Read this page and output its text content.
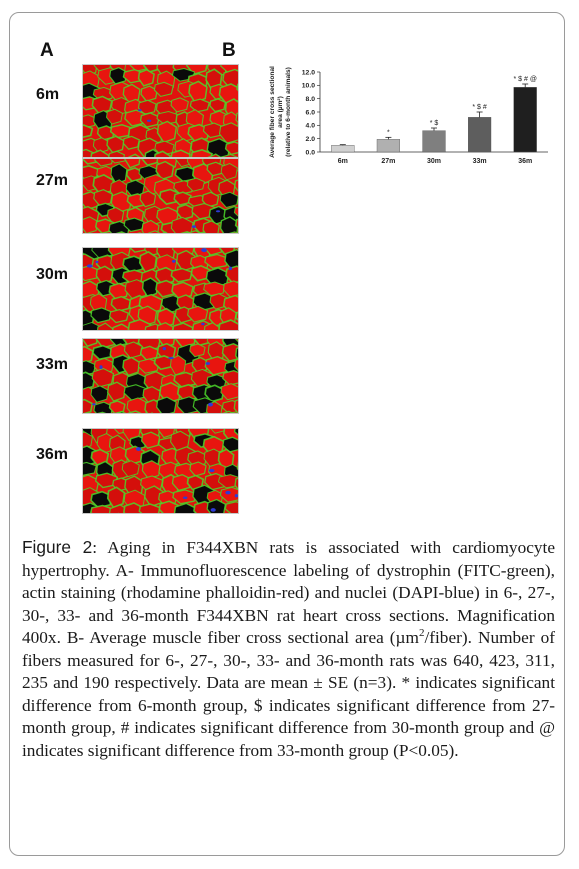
A	B
6m
27m
30m
33m
36m
Average fiber cross sectional area (µm²) (relative to 6-month animals) 0.0
2.0
4.0
6.0
8.0
10.0
12.0
6m
*
27m
* $
30m
* $ #
33m
* $ # @
36m
Figure 2: Aging in F344XBN rats is associated with cardiomyocyte hypertrophy. A- Immunofluorescence labeling of dystrophin (FITC-green), actin staining (rhodamine phalloidin-red) and nuclei (DAPI-blue) in 6-, 27-, 30-, 33- and 36-month F344XBN rat heart cross sections. Magnification 400x. B- Average muscle fiber cross sectional area (µm$^2$/fiber). Number of fibers measured for 6-, 27-, 30-, 33- and 36-month rats was 640, 423, 311, 235 and 190 respectively. Data are mean ± SE (n=3). * indicates significant difference from 6-month group, $ indicates significant difference from 27-month group, # indicates significant difference from 30-month group and @ indicates significant difference from 33-month group (P<0.05).
